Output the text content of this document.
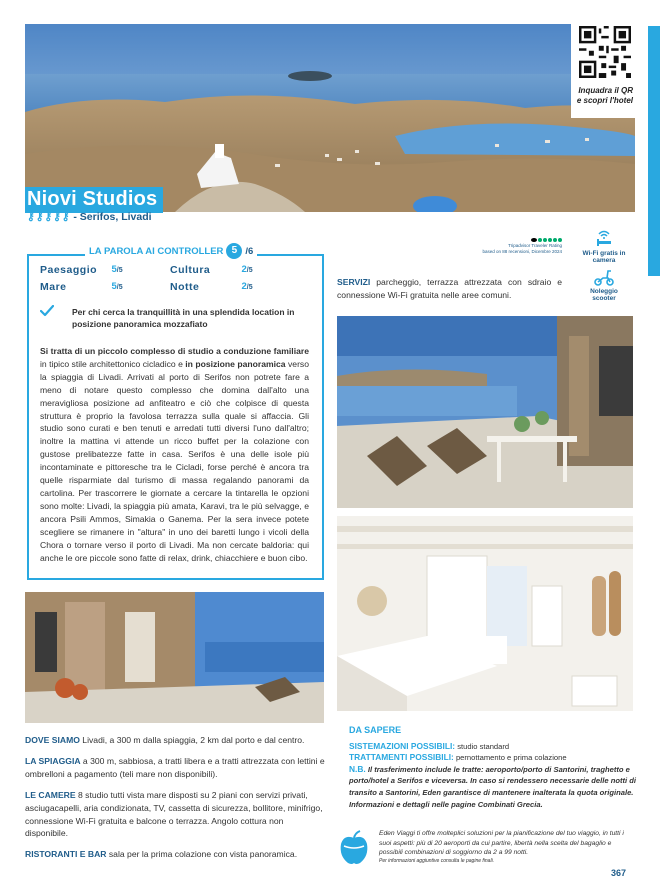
Inquadra il QR
e scopri l'hotel
Niovi Studios
⚷⚷⚷⚷⚷ - Serifos, Livadi
LA PAROLA AI CONTROLLER 5 /6
Paesaggio	5/5	Cultura	2/5
Mare	5/5	Notte	2/5
Per chi cerca la tranquillità in una splendida location in posizione panoramica mozzafiato
Si tratta di un piccolo complesso di studio a conduzione familiare in tipico stile architettonico cicladico e in posizione panoramica verso la spiaggia di Livadi. Arrivati al porto di Serifos non potrete fare a meno di notare questo complesso che domina dall'alto una meravigliosa posizione ad anfiteatro e ciò che colpisce di questa struttura è proprio la favolosa terrazza sulla quale si affaccia. Gli studio sono curati e ben tenuti e arredati tutti diversi l'uno dall'altro; inoltre la mattina vi attende un ricco buffet per la colazione con gustose prelibatezze fatte in casa. Serifos è una delle isole più incontaminate e pittoresche tra le Cicladi, forse perché è ancora tra quelle risparmiate dal turismo di massa regalando panorami da cartolina. Per trascorrere le giornate a cercare la tintarella le opzioni sono molte: Livadi, la spiaggia più amata, Karavi, tra le più selvagge, e ancora Psili Ammos, Simakia o Ganema. Per la sera invece potete scegliere se rimanere in "altura" in uno dei baretti lungo i vicoli della Chora o tornare verso il porto di Livadi. Ma non cercate baldoria: qui anche le ore piccole sono fatte di relax, drink, chiacchiere e buon cibo.
Tripadvisor Traveler Rating
based on 88 recensioni, Dicembre 2024	Wi-Fi gratis in camera
Noleggio scooter
SERVIZI parcheggio, terrazza attrezzata con sdraio e connessione Wi-Fi gratuita nelle aree comuni.

DOVE SIAMO Livadi, a 300 m dalla spiaggia, 2 km dal porto e dal centro.

LA SPIAGGIA a 300 m, sabbiosa, a tratti libera e a tratti attrezzata con lettini e ombrelloni a pagamento (teli mare non disponibili).

LE CAMERE 8 studio tutti vista mare disposti su 2 piani con servizi privati, asciugacapelli, aria condizionata, TV, cassetta di sicurezza, bollitore, minifrigo, connessione Wi-Fi gratuita e balcone o terrazza. Angolo cottura non disponibile.

RISTORANTI E BAR sala per la prima colazione con vista panoramica.

DA SAPERE
SISTEMAZIONI POSSIBILI: studio standard
TRATTAMENTI POSSIBILI: pernottamento e prima colazione
N.B. Il trasferimento include le tratte: aeroporto/porto di Santorini, traghetto e porto/hotel a Serifos e viceversa. In caso si rendessero necessarie delle notti di transito a Santorini, Eden garantisce di mantenere inalterata la quota originale. Informazioni e dettagli nelle pagine Combinati Grecia.
Eden Viaggi ti offre molteplici soluzioni per la pianificazione del tuo viaggio, in tutti i suoi aspetti: più di 20 aeroporti da cui partire, libertà nella scelta del bagaglio e possibili combinazioni di soggiorno da 2 a 99 notti.
Per informazioni aggiuntive consulta le pagine finali.
367
